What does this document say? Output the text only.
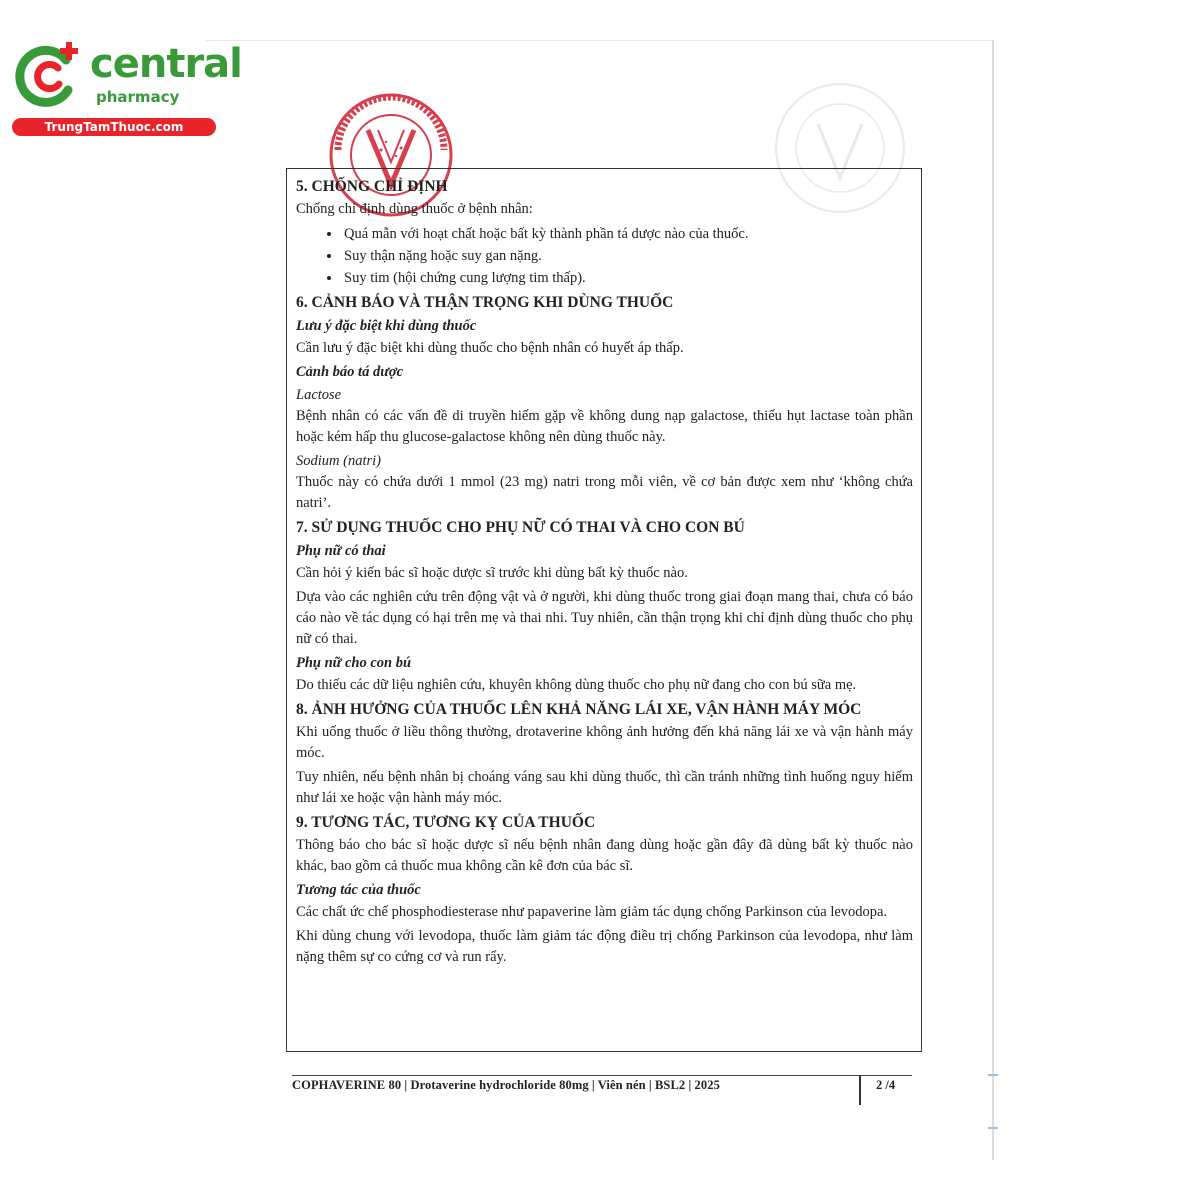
central
pharmacy
TrungTamThuoc.com
5. CHỐNG CHỈ ĐỊNH
Chống chỉ định dùng thuốc ở bệnh nhân:
• Quá mẫn với hoạt chất hoặc bất kỳ thành phần tá dược nào của thuốc.
• Suy thận nặng hoặc suy gan nặng.
• Suy tim (hội chứng cung lượng tim thấp).
6. CẢNH BÁO VÀ THẬN TRỌNG KHI DÙNG THUỐC
Lưu ý đặc biệt khi dùng thuốc
Cần lưu ý đặc biệt khi dùng thuốc cho bệnh nhân có huyết áp thấp.
Cảnh báo tá dược
Lactose
Bệnh nhân có các vấn đề di truyền hiếm gặp về không dung nạp galactose, thiếu hụt lactase toàn phần hoặc kém hấp thu glucose-galactose không nên dùng thuốc này.
Sodium (natri)
Thuốc này có chứa dưới 1 mmol (23 mg) natri trong mỗi viên, về cơ bản được xem như ‘không chứa natri’.
7. SỬ DỤNG THUỐC CHO PHỤ NỮ CÓ THAI VÀ CHO CON BÚ
Phụ nữ có thai
Cần hỏi ý kiến bác sĩ hoặc dược sĩ trước khi dùng bất kỳ thuốc nào.
Dựa vào các nghiên cứu trên động vật và ở người, khi dùng thuốc trong giai đoạn mang thai, chưa có báo cáo nào về tác dụng có hại trên mẹ và thai nhi. Tuy nhiên, cần thận trọng khi chỉ định dùng thuốc cho phụ nữ có thai.
Phụ nữ cho con bú
Do thiếu các dữ liệu nghiên cứu, khuyên không dùng thuốc cho phụ nữ đang cho con bú sữa mẹ.
8. ẢNH HƯỞNG CỦA THUỐC LÊN KHẢ NĂNG LÁI XE, VẬN HÀNH MÁY MÓC
Khi uống thuốc ở liều thông thường, drotaverine không ảnh hưởng đến khả năng lái xe và vận hành máy móc.
Tuy nhiên, nếu bệnh nhân bị choáng váng sau khi dùng thuốc, thì cần tránh những tình huống nguy hiểm như lái xe hoặc vận hành máy móc.
9. TƯƠNG TÁC, TƯƠNG KỴ CỦA THUỐC
Thông báo cho bác sĩ hoặc dược sĩ nếu bệnh nhân đang dùng hoặc gần đây đã dùng bất kỳ thuốc nào khác, bao gồm cả thuốc mua không cần kê đơn của bác sĩ.
Tương tác của thuốc
Các chất ức chế phosphodiesterase như papaverine làm giảm tác dụng chống Parkinson của levodopa.
Khi dùng chung với levodopa, thuốc làm giảm tác động điều trị chống Parkinson của levodopa, như làm nặng thêm sự co cứng cơ và run rẩy.
COPHAVERINE 80 | Drotaverine hydrochloride 80mg | Viên nén | BSL2 | 2025	2 /4
